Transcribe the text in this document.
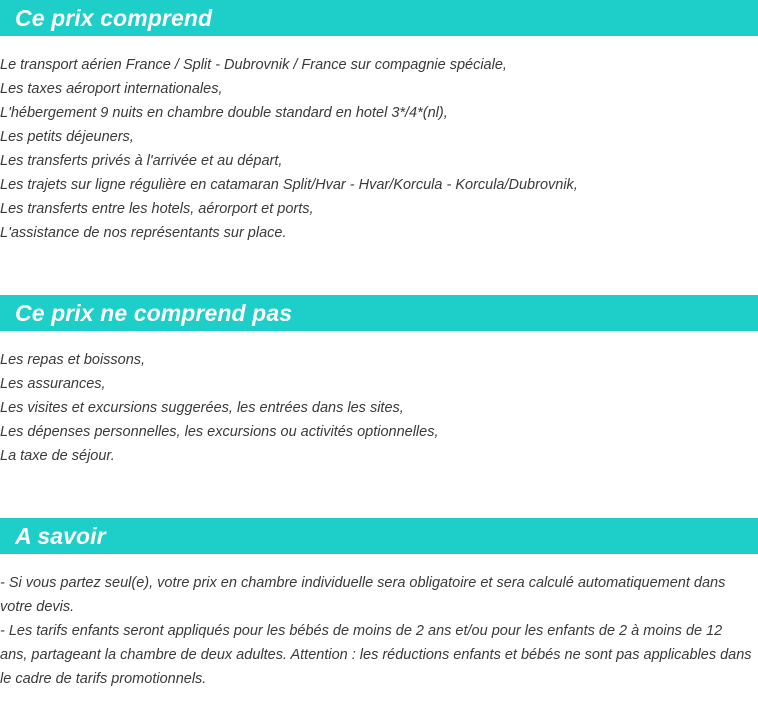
Ce prix comprend
Le transport aérien France / Split - Dubrovnik / France sur compagnie spéciale,
Les taxes aéroport internationales,
L'hébergement 9 nuits en chambre double standard en hotel 3*/4*(nl),
Les petits déjeuners,
Les transferts privés à l'arrivée et au départ,
Les trajets sur ligne régulière en catamaran Split/Hvar - Hvar/Korcula - Korcula/Dubrovnik,
Les transferts entre les hotels, aérorport et ports,
L'assistance de nos représentants sur place.
Ce prix ne comprend pas
Les repas et boissons,
Les assurances,
Les visites et excursions suggerées, les entrées dans les sites,
Les dépenses personnelles, les excursions ou activités optionnelles,
La taxe de séjour.
A savoir
- Si vous partez seul(e), votre prix en chambre individuelle sera obligatoire et sera calculé automatiquement dans votre devis.
- Les tarifs enfants seront appliqués pour les bébés de moins de 2 ans et/ou pour les enfants de 2 à moins de 12 ans, partageant la chambre de deux adultes. Attention : les réductions enfants et bébés ne sont pas applicables dans le cadre de tarifs promotionnels.
